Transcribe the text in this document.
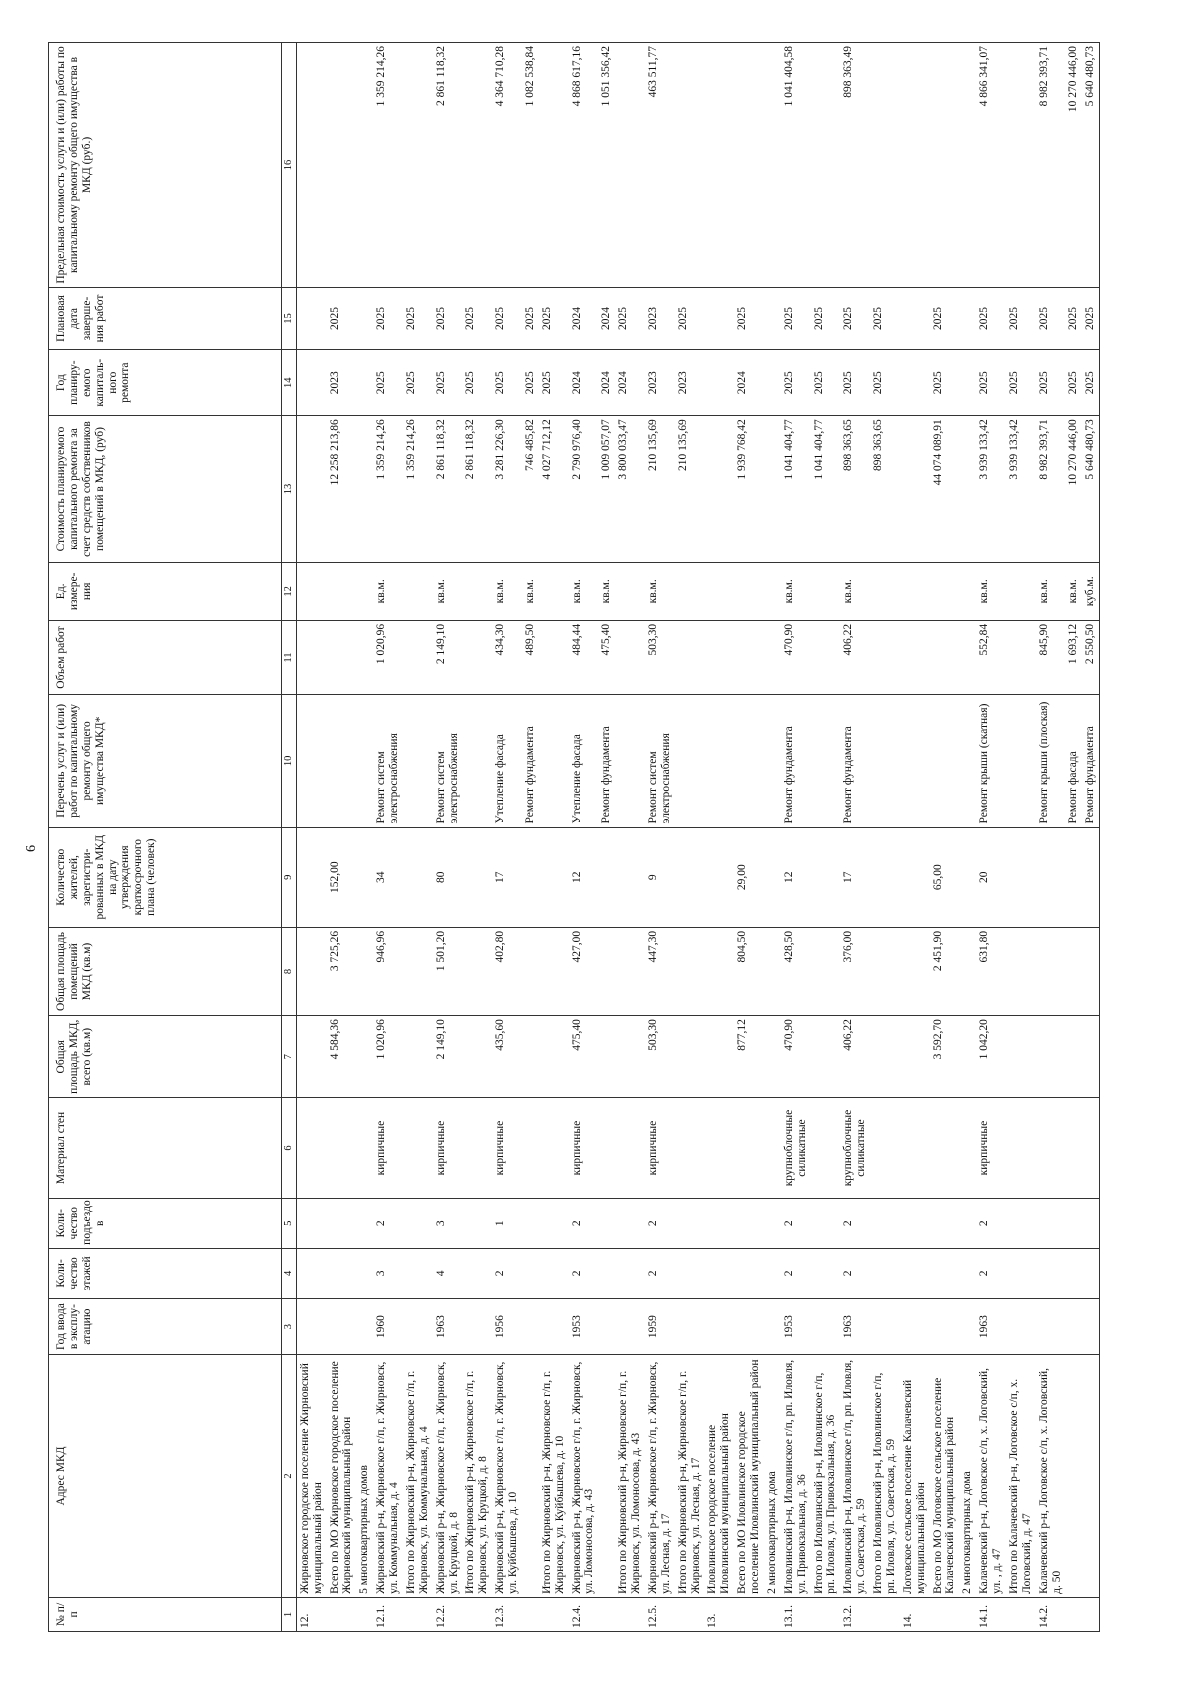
6
№ п/п	Адрес МКД	Год ввода в эксплу-атацию	Коли-чество этажей	Коли-чество подъездо в	Материал стен	Общая площадь МКД, всего (кв.м)	Общая площадь помещений МКД (кв.м)	Количество жителей, зарегистри-рованных в МКД на дату утверждения краткосрочного плана (человек)	Перечень услуг и (или) работ по капитальному ремонту общего имущества МКД*	Объем работ	Ед. измере-ния	Стоимость планируемого капитального ремонта за счет средств собственников помещений в МКД, (руб)	Год планиру-емого капиталь-ного ремонта	Плановая дата заверше-ния работ	Предельная стоимость услуги и (или) работы по капитальному ремонту общего имущества в МКД (руб.)
1	2	3	4	5	6	7	8	9	10	11	12	13	14	15	16
12.	Жирновское городское поселение Жирновский муниципальный район														
	Всего по МО Жирновское городское поселение Жирновский муниципальный район					4 584,36	3 725,26	152,00				12 258 213,86	2023	2025	
	5 многоквартирных домов														
12.1.	Жирновский р-н, Жирновское г/п, г. Жирновск, ул. Коммунальная, д. 4	1960	3	2	кирпичные	1 020,96	946,96	34	Ремонт систем электроснабжения	1 020,96	кв.м.	1 359 214,26	2025	2025	1 359 214,26
	Итого по Жирновский р-н, Жирновское г/п, г. Жирновск, ул. Коммунальная, д. 4											1 359 214,26	2025	2025	
12.2.	Жирновский р-н, Жирновское г/п, г. Жирновск, ул. Круцкой, д. 8	1963	4	3	кирпичные	2 149,10	1 501,20	80	Ремонт систем электроснабжения	2 149,10	кв.м.	2 861 118,32	2025	2025	2 861 118,32
	Итого по Жирновский р-н, Жирновское г/п, г. Жирновск, ул. Круцкой, д. 8											2 861 118,32	2025	2025	
12.3.	Жирновский р-н, Жирновское г/п, г. Жирновск, ул. Куйбышева, д. 10	1956	2	1	кирпичные	435,60	402,80	17	Утепление фасада	434,30	кв.м.	3 281 226,30	2025	2025	4 364 710,28
									Ремонт фундамента	489,50	кв.м.	746 485,82	2025	2025	1 082 538,84
	Итого по Жирновский р-н, Жирновское г/п, г. Жирновск, ул. Куйбышева, д. 10											4 027 712,12	2025	2025	
12.4.	Жирновский р-н, Жирновское г/п, г. Жирновск, ул. Ломоносова, д. 43	1953	2	2	кирпичные	475,40	427,00	12	Утепление фасада	484,44	кв.м.	2 790 976,40	2024	2024	4 868 617,16
									Ремонт фундамента	475,40	кв.м.	1 009 057,07	2024	2024	1 051 356,42
	Итого по Жирновский р-н, Жирновское г/п, г. Жирновск, ул. Ломоносова, д. 43											3 800 033,47	2024	2025	
12.5.	Жирновский р-н, Жирновское г/п, г. Жирновск, ул. Лесная, д. 17	1959	2	2	кирпичные	503,30	447,30	9	Ремонт систем электроснабжения	503,30	кв.м.	210 135,69	2023	2023	463 511,77
	Итого по Жирновский р-н, Жирновское г/п, г. Жирновск, ул. Лесная, д. 17											210 135,69	2023	2025	
13.	Иловлинское городское поселение Иловлинский муниципальный район														
	Всего по МО Иловлинское городское поселение Иловлинский муниципальный район					877,12	804,50	29,00				1 939 768,42	2024	2025	
	2 многоквартирных дома														
13.1.	Иловлинский р-н, Иловлинское г/п, рп. Иловля, ул. Привокзальная, д. 36	1953	2	2	крупноблочные силикатные	470,90	428,50	12	Ремонт фундамента	470,90	кв.м.	1 041 404,77	2025	2025	1 041 404,58
	Итого по Иловлинский р-н, Иловлинское г/п, рп. Иловля, ул. Привокзальная, д. 36											1 041 404,77	2025	2025	
13.2.	Иловлинский р-н, Иловлинское г/п, рп. Иловля, ул. Советская, д. 59	1963	2	2	крупноблочные силикатные	406,22	376,00	17	Ремонт фундамента	406,22	кв.м.	898 363,65	2025	2025	898 363,49
	Итого по Иловлинский р-н, Иловлинское г/п, рп. Иловля, ул. Советская, д. 59											898 363,65	2025	2025	
14.	Логовское сельское поселение Калачевский муниципальный район														
	Всего по МО Логовское сельское поселение Калачевский муниципальный район					3 592,70	2 451,90	65,00				44 074 089,91	2025	2025	
	2 многоквартирных дома														
14.1.	Калачевский р-н, Логовское с/п, х. Логовский, ул. , д. 47	1963	2	2	кирпичные	1 042,20	631,80	20	Ремонт крыши (скатная)	552,84	кв.м.	3 939 133,42	2025	2025	4 866 341,07
	Итого по Калачевский р-н, Логовское с/п, х. Логовский, д. 47											3 939 133,42	2025	2025	
14.2.	Калачевский р-н, Логовское с/п, х. Логовский, д. 50								Ремонт крыши (плоская)	845,90	кв.м.	8 982 393,71	2025	2025	8 982 393,71
									Ремонт фасада	1 693,12	кв.м.	10 270 446,00	2025	2025	10 270 446,00
									Ремонт фундамента	2 550,50	куб.м.	5 640 480,73	2025	2025	5 640 480,73
